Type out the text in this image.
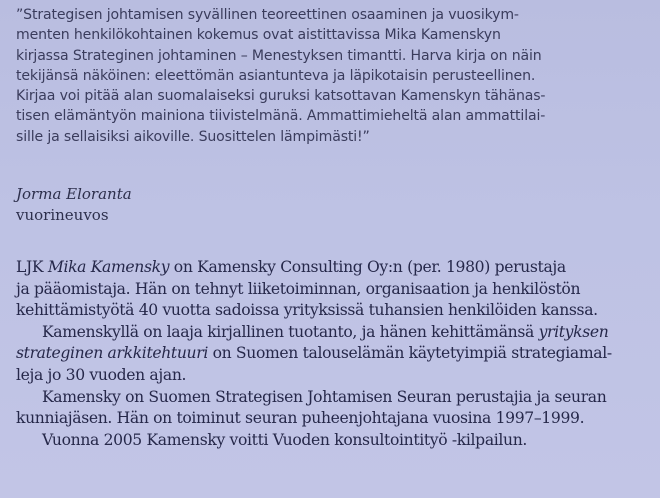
”Strategisen johtamisen syvällinen teoreettinen osaaminen ja vuosikym-
menten henkilökohtainen kokemus ovat aistittavissa Mika Kamenskyn
kirjassa Strateginen johtaminen – Menestyksen timantti. Harva kirja on näin
tekijänsä näköinen: eleettömän asiantunteva ja läpikotaisin perusteellinen.
Kirjaa voi pitää alan suomalaiseksi guruksi katsottavan Kamenskyn tähänas-
tisen elämäntyön mainiona tiivistelmänä. Ammattimieheltä alan ammattilai-
sille ja sellaisiksi aikoville. Suosittelen lämpimästi!”
Jorma Eloranta
vuorineuvos
LJK Mika Kamensky on Kamensky Consulting Oy:n (per. 1980) perustaja
ja pääomistaja. Hän on tehnyt liiketoiminnan, organisaation ja henkilöstön
kehittämistyötä 40 vuotta sadoissa yrityksissä tuhansien henkilöiden kanssa.
Kamenskyllä on laaja kirjallinen tuotanto, ja hänen kehittämänsä yrityksen
strateginen arkkitehtuuri on Suomen talouselämän käytetyimpiä strategiamal-
leja jo 30 vuoden ajan.
Kamensky on Suomen Strategisen Johtamisen Seuran perustajia ja seuran
kunniajäsen. Hän on toiminut seuran puheenjohtajana vuosina 1997–1999.
Vuonna 2005 Kamensky voitti Vuoden konsultointityö -kilpailun.
